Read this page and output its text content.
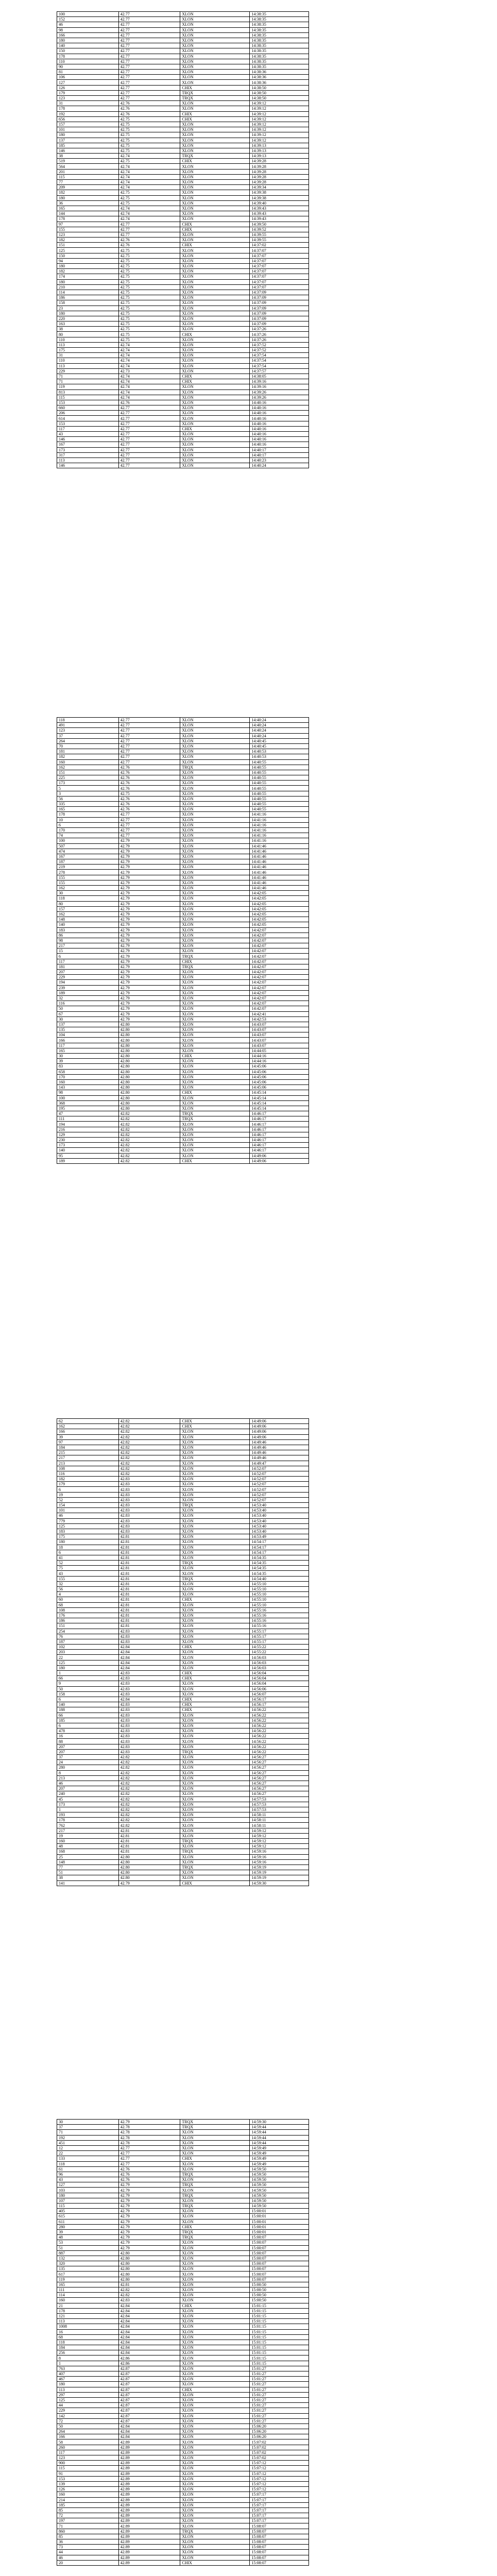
100	42.77	XLON	14:38:35
152	42.77	XLON	14:38:35
46	42.77	XLON	14:38:35
98	42.77	XLON	14:38:35
166	42.77	XLON	14:38:35
180	42.77	XLON	14:38:35
140	42.77	XLON	14:38:35
150	42.77	XLON	14:38:35
178	42.77	XLON	14:38:35
110	42.77	XLON	14:38:35
90	42.77	XLON	14:38:35
81	42.77	XLON	14:38:36
106	42.77	XLON	14:38:36
127	42.77	XLON	14:38:36
126	42.77	CHIX	14:38:50
179	42.77	TRQX	14:38:50
123	42.77	TRQX	14:38:50
31	42.76	XLON	14:39:12
178	42.76	XLON	14:39:12
192	42.76	CHIX	14:39:12
656	42.75	CHIX	14:39:12
157	42.75	XLON	14:39:12
101	42.75	XLON	14:39:12
180	42.75	XLON	14:39:12
137	42.75	XLON	14:39:12
185	42.75	XLON	14:39:13
146	42.75	XLON	14:39:13
38	42.74	TRQX	14:39:13
519	42.75	CHIX	14:39:28
564	42.74	XLON	14:39:28
201	42.74	XLON	14:39:28
115	42.74	XLON	14:39:28
77	42.74	XLON	14:39:28
209	42.74	XLON	14:39:34
182	42.75	XLON	14:39:38
180	42.75	XLON	14:39:38
36	42.75	XLON	14:39:40
165	42.74	XLON	14:39:43
144	42.74	XLON	14:39:43
178	42.74	XLON	14:39:43
97	42.77	CHIX	14:39:50
155	42.77	CHIX	14:39:52
123	42.77	XLON	14:39:55
182	42.76	XLON	14:39:55
151	42.76	CHIX	14:37:02
125	42.75	XLON	14:37:07
150	42.75	XLON	14:37:07
94	42.75	XLON	14:37:07
180	42.75	XLON	14:37:07
182	42.75	XLON	14:37:07
174	42.75	XLON	14:37:07
180	42.75	XLON	14:37:07
210	42.75	XLON	14:37:07
114	42.75	XLON	14:37:09
186	42.75	XLON	14:37:09
158	42.75	XLON	14:37:09
23	42.75	XLON	14:37:09
180	42.75	XLON	14:37:09
220	42.75	XLON	14:37:09
163	42.75	XLON	14:37:09
38	42.75	XLON	14:37:26
80	42.75	CHIX	14:37:26
110	42.75	XLON	14:37:26
113	42.74	XLON	14:37:52
175	42.74	XLON	14:37:52
31	42.74	XLON	14:37:54
110	42.74	XLON	14:37:54
113	42.74	XLON	14:37:54
229	42.73	XLON	14:37:57
71	42.74	CHIX	14:38:05
71	42.74	CHIX	14:39:16
119	42.74	XLON	14:39:16
813	42.74	XLON	14:39:26
115	42.74	XLON	14:39:26
153	42.76	XLON	14:40:16
660	42.77	XLON	14:40:16
206	42.77	XLON	14:40:16
614	42.77	XLON	14:40:16
153	42.77	XLON	14:40:16
117	42.77	CHIX	14:40:16
43	42.77	XLON	14:40:16
146	42.77	XLON	14:40:16
167	42.77	XLON	14:40:16
173	42.77	XLON	14:40:17
317	42.77	XLON	14:40:17
113	42.77	XLON	14:40:23
146	42.77	XLON	14:40:24
118	42.77	XLON	14:40:24
491	42.77	XLON	14:40:24
123	42.77	XLON	14:40:24
37	42.77	XLON	14:40:24
264	42.77	XLON	14:40:45
70	42.77	XLON	14:40:45
181	42.77	XLON	14:40:53
182	42.77	XLON	14:40:53
160	42.77	XLON	14:40:55
162	42.76	TRQX	14:40:55
151	42.76	XLON	14:40:55
225	42.76	XLON	14:40:55
173	42.76	XLON	14:40:55
5	42.76	XLON	14:40:55
3	42.75	XLON	14:40:55
56	42.76	XLON	14:40:55
335	42.76	XLON	14:40:55
165	42.76	XLON	14:40:55
178	42.77	XLON	14:41:16
10	42.77	XLON	14:41:16
6	42.77	XLON	14:41:16
170	42.77	XLON	14:41:16
74	42.77	XLON	14:41:16
100	42.79	XLON	14:41:16
507	42.79	XLON	14:41:46
474	42.79	XLON	14:41:46
167	42.79	XLON	14:41:46
187	42.79	XLON	14:41:46
219	42.79	XLON	14:41:46
278	42.79	XLON	14:41:46
155	42.79	XLON	14:41:46
155	42.79	XLON	14:41:46
162	42.79	XLON	14:41:46
30	42.79	XLON	14:42:05
118	42.79	XLON	14:42:05
80	42.79	XLON	14:42:05
157	42.79	XLON	14:42:05
162	42.79	XLON	14:42:05
148	42.79	XLON	14:42:05
140	42.79	XLON	14:42:05
183	42.79	XLON	14:42:07
86	42.79	XLON	14:42:07
98	42.79	XLON	14:42:07
217	42.79	XLON	14:42:07
15	42.79	XLON	14:42:07
6	42.79	TRQX	14:42:07
117	42.79	CHIX	14:42:07
181	42.79	TRQX	14:42:07
207	42.79	XLON	14:42:07
229	42.79	XLON	14:42:07
194	42.79	XLON	14:42:07
239	42.79	XLON	14:42:07
189	42.79	XLON	14:42:07
32	42.79	XLON	14:42:07
116	42.79	XLON	14:42:07
50	42.79	XLON	14:42:07
67	42.79	XLON	14:42:41
30	42.79	XLON	14:42:53
137	42.80	XLON	14:43:07
135	42.80	XLON	14:43:07
104	42.80	XLON	14:43:07
166	42.80	XLON	14:43:07
117	42.80	XLON	14:43:07
165	42.80	XLON	14:44:05
30	42.80	CHIX	14:44:16
39	42.80	XLON	14:44:16
83	42.80	XLON	14:45:06
658	42.80	XLON	14:45:06
170	42.80	XLON	14:45:06
160	42.80	XLON	14:45:06
143	42.80	XLON	14:45:06
98	42.80	CHIX	14:45:14
100	42.80	XLON	14:45:14
368	42.80	XLON	14:45:14
195	42.80	XLON	14:45:14
47	42.82	TRQX	14:46:17
111	42.82	TRQX	14:46:17
194	42.82	XLON	14:46:17
216	42.82	XLON	14:46:17
129	42.82	XLON	14:46:17
230	42.82	XLON	14:46:17
173	42.82	XLON	14:46:17
140	42.82	XLON	14:46:17
95	42.82	XLON	14:49:06
189	42.82	CHIX	14:49:06
62	42.82	CHIX	14:49:06
162	42.82	CHIX	14:49:06
166	42.82	XLON	14:49:06
39	42.82	XLON	14:49:06
97	42.82	XLON	14:49:46
184	42.82	XLON	14:49:46
215	42.82	XLON	14:49:46
217	42.82	XLON	14:49:46
213	42.82	XLON	14:49:47
108	42.82	XLON	14:52:07
116	42.82	XLON	14:52:07
182	42.83	XLON	14:52:07
179	42.83	XLON	14:52:07
6	42.83	XLON	14:52:07
19	42.83	XLON	14:52:07
52	42.83	XLON	14:52:07
154	42.83	TRQX	14:53:40
101	42.83	XLON	14:53:40
46	42.83	XLON	14:53:40
779	42.83	XLON	14:53:40
125	42.83	XLON	14:53:40
183	42.83	XLON	14:53:40
175	42.81	XLON	14:53:49
180	42.81	XLON	14:54:17
18	42.81	XLON	14:54:17
6	42.81	XLON	14:54:17
41	42.81	XLON	14:54:35
52	42.81	TRQX	14:54:35
75	42.81	XLON	14:54:35
43	42.81	XLON	14:54:35
155	42.81	TRQX	14:54:40
32	42.81	XLON	14:55:10
56	42.81	XLON	14:55:10
4	42.81	XLON	14:55:10
60	42.81	CHIX	14:55:10
68	42.81	XLON	14:55:10
108	42.81	XLON	14:55:16
176	42.81	XLON	14:55:16
186	42.81	XLON	14:55:16
151	42.81	XLON	14:55:16
254	42.83	XLON	14:55:17
76	42.83	XLON	14:55:17
187	42.83	XLON	14:55:17
102	42.84	CHIX	14:55:22
203	42.84	XLON	14:55:22
22	42.84	XLON	14:56:03
125	42.84	XLON	14:56:03
180	42.84	XLON	14:56:03
1	42.83	CHIX	14:56:04
66	42.83	CHIX	14:56:04
9	42.83	XLON	14:56:04
50	42.83	XLON	14:56:06
158	42.83	XLON	14:56:07
6	42.84	CHIX	14:56:17
140	42.83	CHIX	14:56:17
188	42.83	CHIX	14:56:22
66	42.83	XLON	14:56:22
185	42.83	XLON	14:56:22
6	42.83	XLON	14:56:22
478	42.83	XLON	14:56:22
16	42.83	XLON	14:56:22
88	42.83	XLON	14:56:22
207	42.83	XLON	14:56:22
207	42.83	TRQX	14:56:22
37	42.82	XLON	14:56:27
24	42.82	XLON	14:56:27
280	42.82	XLON	14:56:27
8	42.82	XLON	14:56:27
213	42.82	XLON	14:56:27
46	42.82	XLON	14:56:27
207	42.82	XLON	14:56:27
240	42.82	XLON	14:56:27
45	42.82	XLON	14:57:53
173	42.82	XLON	14:57:53
1	42.82	XLON	14:57:53
193	42.82	XLON	14:58:11
178	42.82	XLON	14:58:11
762	42.82	XLON	14:58:11
217	42.81	XLON	14:59:12
19	42.81	XLON	14:59:12
160	42.81	TRQX	14:59:12
48	42.81	XLON	14:59:12
168	42.81	TRQX	14:59:16
25	42.80	XLON	14:59:16
148	42.80	XLON	14:59:16
77	42.80	TRQX	14:59:19
51	42.80	XLON	14:59:19
38	42.80	XLON	14:59:19
141	42.79	CHIX	14:59:30
30	42.79	TRQX	14:59:30
37	42.78	TRQX	14:59:44
71	42.78	XLON	14:59:44
192	42.78	XLON	14:59:44
451	42.78	XLON	14:59:44
12	42.77	XLON	14:59:49
22	42.77	XLON	14:59:49
133	42.77	CHIX	14:59:49
118	42.77	XLON	14:59:49
61	42.76	XLON	14:59:50
96	42.76	TRQX	14:59:50
43	42.76	XLON	14:59:50
127	42.79	TRQX	14:59:50
103	42.79	XLON	14:59:50
180	42.79	TRQX	14:59:50
107	42.79	XLON	14:59:50
115	42.79	TRQX	14:59:50
405	42.79	XLON	15:00:01
615	42.79	XLON	15:00:01
611	42.79	XLON	15:00:01
280	42.79	CHIX	15:00:01
39	42.79	TRQX	15:00:01
48	42.79	TRQX	15:00:07
53	42.79	XLON	15:00:07
51	42.79	XLON	15:00:07
887	42.80	XLON	15:00:07
132	42.80	XLON	15:00:07
320	42.80	XLON	15:00:07
135	42.80	XLON	15:00:07
617	42.80	XLON	15:00:07
119	42.80	XLON	15:00:07
165	42.81	XLON	15:00:50
111	42.82	XLON	15:00:50
114	42.82	XLON	15:00:50
160	42.83	XLON	15:00:50
21	42.84	CHIX	15:01:15
178	42.84	XLON	15:01:15
121	42.84	XLON	15:01:15
113	42.84	XLON	15:01:15
1008	42.84	XLON	15:01:15
16	42.84	XLON	15:01:15
68	42.84	XLON	15:01:15
118	42.84	XLON	15:01:15
184	42.84	XLON	15:01:15
256	42.84	XLON	15:01:15
8	42.86	XLON	15:01:15
1	42.86	XLON	15:01:15
763	42.87	XLON	15:01:27
407	42.87	XLON	15:01:27
467	42.87	XLON	15:01:27
180	42.87	XLON	15:01:27
113	42.87	CHIX	15:01:27
297	42.87	XLON	15:01:27
125	42.87	XLON	15:01:27
44	42.87	XLON	15:01:27
229	42.87	XLON	15:01:27
142	42.87	XLON	15:01:27
72	42.87	XLON	15:01:27
50	42.84	XLON	15:06:20
264	42.84	XLON	15:06:20
166	42.84	XLON	15:06:20
58	42.89	XLON	15:07:02
260	42.89	XLON	15:07:02
117	42.89	XLON	15:07:02
123	42.89	XLON	15:07:02
900	42.89	XLON	15:07:12
115	42.89	XLON	15:07:12
91	42.89	XLON	15:07:12
153	42.89	XLON	15:07:12
139	42.89	XLON	15:07:12
126	42.89	XLON	15:07:12
160	42.89	XLON	15:07:17
214	42.89	XLON	15:07:17
185	42.89	XLON	15:07:17
85	42.89	XLON	15:07:17
72	42.89	XLON	15:07:17
197	42.89	XLON	15:07:17
71	42.89	XLON	15:08:07
860	42.89	TRQX	15:08:07
85	42.89	XLON	15:08:07
36	42.89	XLON	15:08:07
73	42.89	XLON	15:08:07
44	42.89	XLON	15:08:07
46	42.89	XLON	15:08:07
20	42.89	CHIX	15:08:07
